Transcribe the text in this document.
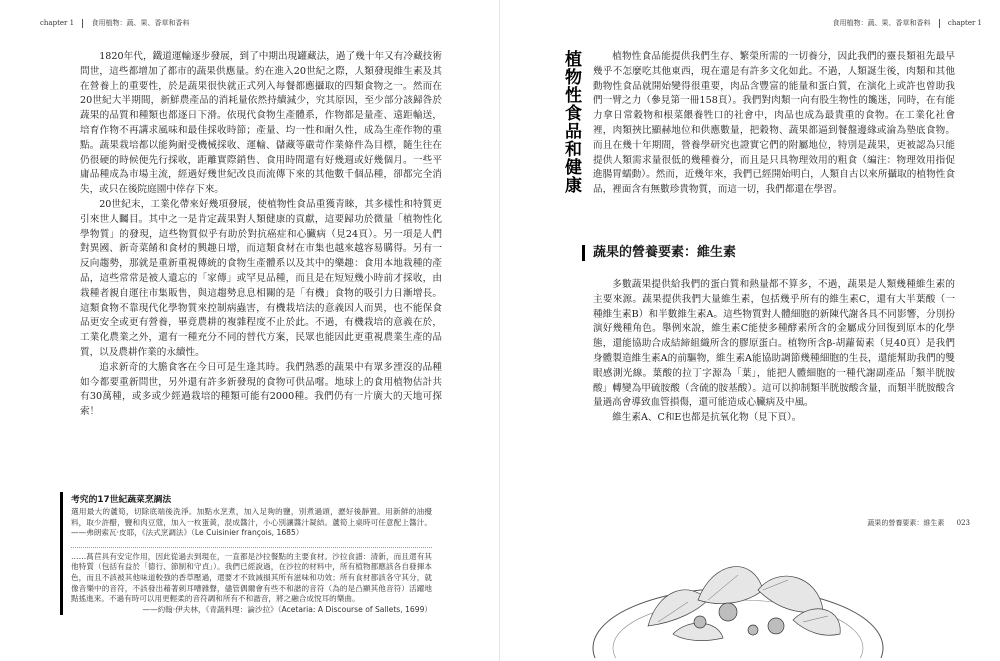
chapter 1 食用植物：蔬、果、香草和香料

1820年代，鐵道運輸逐步發展，到了中期出現罐藏法，過了幾十年又有冷藏技術問世，這些都增加了都市的蔬果供應量。約在進入20世紀之際，人類發現維生素及其在營養上的重要性，於是蔬果很快就正式列入每餐都應攝取的四類食物之一。然而在20世紀大半期間，新鮮農產品的消耗量依然持續減少，究其原因，至少部分該歸咎於蔬果的品質和種類也都逐日下滑。依現代食物生產體系，作物都是量產、遠距輸送，培育作物不再講求風味和最佳採收時節；產量、均一性和耐久性，成為生產作物的重點。蔬果栽培都以能夠耐受機械採收、運輸、儲藏等嚴苛作業條件為目標，隨生往在仍很硬的時候便先行採收，距離實際銷售、食用時間還有好幾週或好幾個月。一些平庸品種成為市場主流，經過好幾世紀改良而流傳下來的其他數千個品種，卻都完全消失，或只在後院庭園中倖存下來。

20世紀末，工業化帶來好幾項發展，使植物性食品重獲青睞，其多樣性和特質更引來世人矚目。其中之一是肯定蔬果對人類健康的貢獻，這要歸功於微量「植物性化學物質」的發現，這些物質似乎有助於對抗癌症和心臟病（見24頁）。另一項是人們對異國、新奇菜餚和食材的興趣日增，而這類食材在市集也越來越容易購得。另有一反向趨勢，那就是重新重視傳統的食物生產體系以及其中的樂趣：食用本地栽種的產品，這些常常是被人遺忘的「家傳」或罕見品種，而且是在短短幾小時前才採收，由栽種者親自運往市集販售，與這趨勢息息相關的是「有機」食物的吸引力日漸增長。這類食物不靠現代化學物質來控制病蟲害，有機栽培法的意義因人而異，也不能保食品更安全或更有營養，畢竟農耕的複雜程度不止於此。不過，有機栽培的意義在於，工業化農業之外，還有一種充分不同的替代方案，民眾也能因此更重視農業生產的品質，以及農耕作業的永續性。

追求新奇的大膽食客在今日可是生逢其時。我們熟悉的蔬果中有眾多湮沒的品種如今都要重新問世，另外還有許多新發現的食物可供品嚐。地球上的食用植物估計共有30萬種，或多或少經過栽培的種類可能有2000種。我們仍有一片廣大的天地可探索！

考究的17世紀蔬菜烹調法
選用最大的蘆筍，切除底端後洗淨。加點水烹煮，加入足夠的鹽，別煮過頭，瀝好後靜置。用新鮮的油攪料，取少許醋，鹽和肉豆蔻，加入一枚蛋黃，混成醬汁，小心別讓醬汁凝結。蘆筍上桌時可任意配上醬汁。——弗朗索瓦·皮耶，《法式烹調法》（Le Cuisinier françois, 1685）
……萵苣具有安定作用，因此從過去到現在，一直都是沙拉餐點的主要食材。沙拉食譜：清新，而且還有其他特質（包括有益於「德行、節制和守貞」）。我們已經說過，在沙拉的材料中，所有植物都應該各自發揮本色，而且不該被其他味道較強的香草壓過，還要才不致減損其所有滋味和功效；所有食材都該各守其分，就像音樂中的音符，不該發出藉著刺耳嘈雜聲，儘管偶爾會有些不和諧的音符（為的是凸顯其他音符）活躍地點搖進來。不過有時可以用更輕柔的音符調和所有不和諧音，將之融合成悅耳的樂曲。
——約翰·伊夫林，《青蔬料理：論沙拉》（Acetaria: A Discourse of Sallets, 1699）
食用植物：蔬、果、香草和香料 chapter 1
植物性食品和健康	植物性食品能提供我們生存、繁榮所需的一切養分，因此我們的靈長類祖先最早幾乎不怎麼吃其他東西，現在還是有許多文化如此。不過，人類誕生後，肉類和其他動物性食品就開始變得很重要，肉品含豐富的能量和蛋白質，在演化上或許也曾助我們一臂之力（參見第一冊158頁）。我們對肉類一向有股生物性的饞迷，同時，在有能力拿日常穀物和根菜餵養牲口的社會中，肉品也成為最貴重的食物。在工業化社會裡，肉類挾比顯赫地位和供應數量，把穀物、蔬果都逼到餐盤邊緣或淪為墊底食物。而且在幾十年期間，營養學研究也證實它們的附屬地位，特別是蔬果，更被認為只能提供人類需求量很低的幾種養分，而且是只具物理效用的粗食（編注：物理效用指促進腸胃蠕動）。然而，近幾年來，我們已經開始明白，人類自古以來所攝取的植物性食品，裡面含有無數珍貴物質，而這一切，我們都還在學習。

蔬果的營養要素：維生素

多數蔬果提供給我們的蛋白質和熱量都不算多，不過，蔬果是人類幾種維生素的主要來源。蔬果提供我們大量維生素，包括幾乎所有的維生素C，還有大半葉酸（一種維生素B）和半數維生素A。這些物質對人體細胞的新陳代謝各具不同影響，分別扮演好幾種角色。舉例來說，維生素C能使多種酵素所含的金屬成分回復到原本的化學態，還能協助合成結締組織所含的膠原蛋白。植物所含β-胡蘿蔔素（見40頁）是我們身體製造維生素A的前驅物，維生素A能協助調節幾種細胞的生長，還能幫助我們的雙眼感測光線。葉酸的拉丁字源為「葉」，能把人體細胞的一種代謝副產品「類半胱胺酸」轉變為甲硫胺酸（含硫的胺基酸）。這可以抑制類半胱胺酸含量，而類半胱胺酸含量過高會導致血管損傷，還可能造成心臟病及中風。

維生素A、C和E也都是抗氧化物（見下頁）。

蔬果的營養要素：維生素 023
